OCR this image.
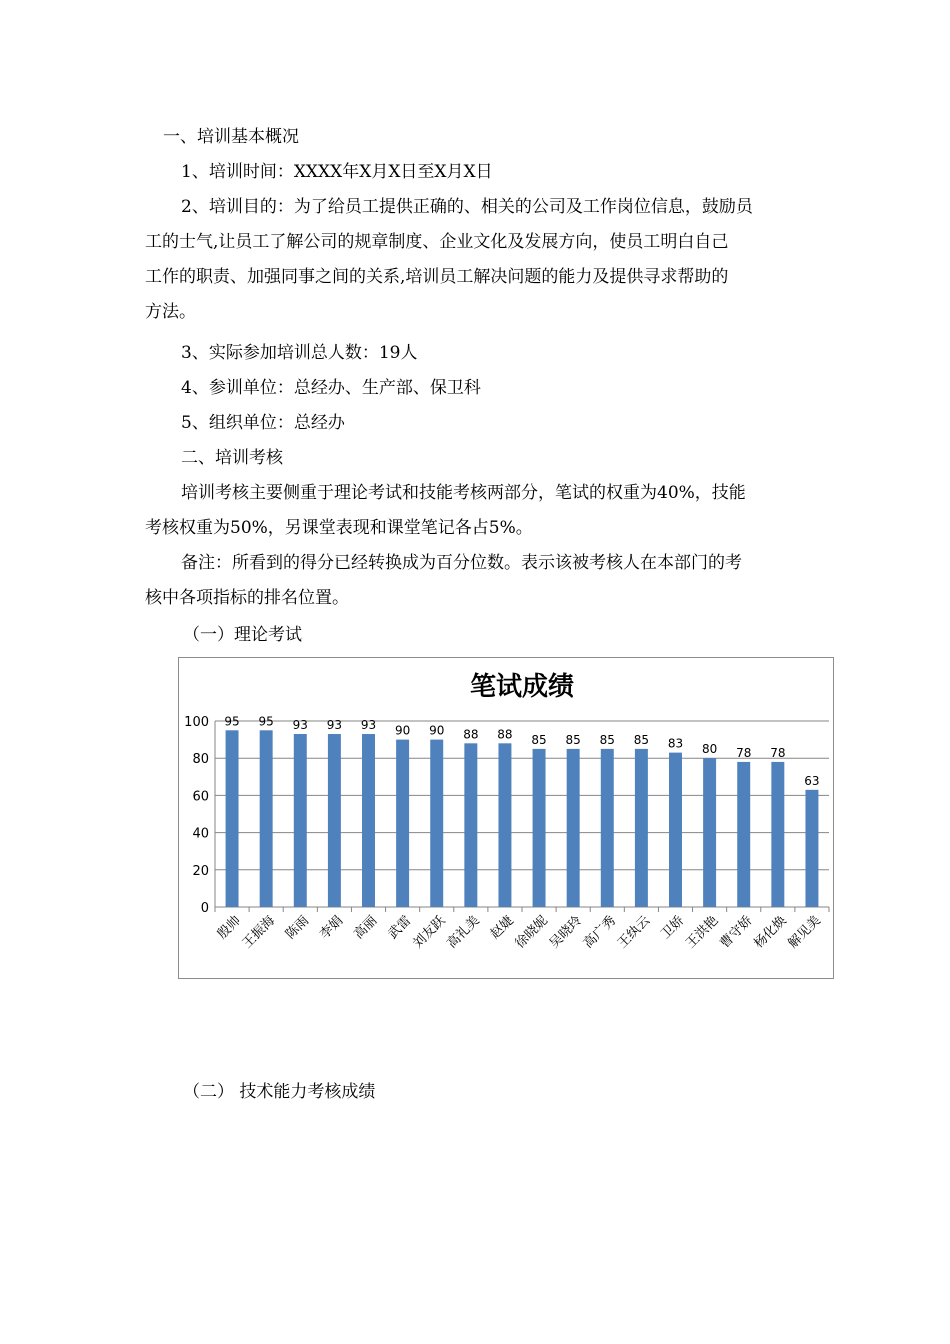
一、培训基本概况
1、培训时间：XXXX年X月X日至X月X日
2、培训目的：为了给员工提供正确的、相关的公司及工作岗位信息，鼓励员
工的士气,让员工了解公司的规章制度、企业文化及发展方向，使员工明白自己
工作的职责、加强同事之间的关系,培训员工解决问题的能力及提供寻求帮助的
方法。
3、实际参加培训总人数：19人
4、参训单位：总经办、生产部、保卫科
5、组织单位：总经办
二、培训考核
培训考核主要侧重于理论考试和技能考核两部分，笔试的权重为40%，技能
考核权重为50%，另课堂表现和课堂笔记各占5%。
备注：所看到的得分已经转换成为百分位数。表示该被考核人在本部门的考
核中各项指标的排名位置。
（一）理论考试
笔试成绩
0
20
40
60
80
100 95
殷帅
95
王振海
93
陈雨
93
李娟
93
高丽
90
武雷
90
刘友跃
88
高礼美
88
赵婕
85
徐晓妮
85
吴晓玲
85
高广秀
85
王纨云
83
卫娇
80
王洪艳
78
曹守娇
78
杨化焕
63
解见美
（二） 技术能力考核成绩
